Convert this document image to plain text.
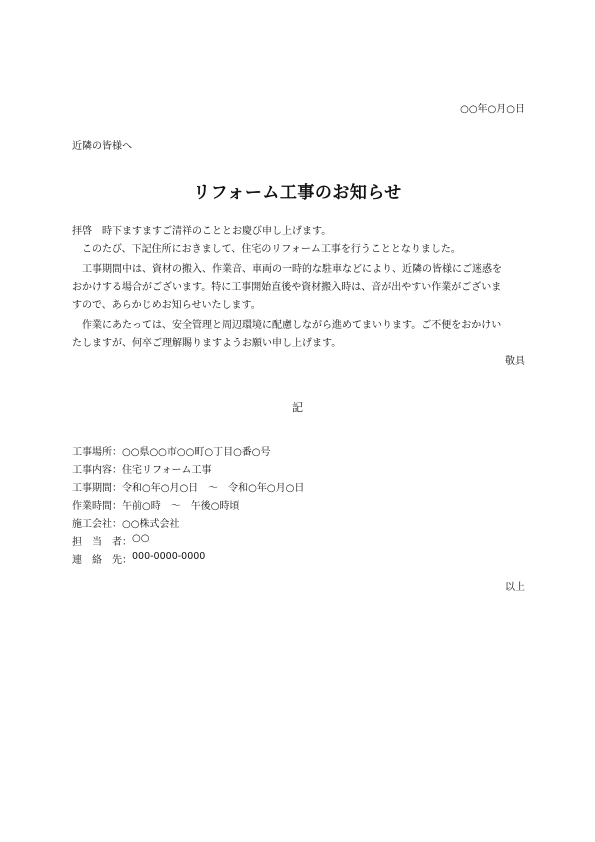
○○年○月○日
近隣の皆様へ
リフォーム工事のお知らせ
拝啓　時下ますますご清祥のこととお慶び申し上げます。
　このたび、下記住所におきまして、住宅のリフォーム工事を行うこととなりました。
　工事期間中は、資材の搬入、作業音、車両の一時的な駐車などにより、近隣の皆様にご迷惑を
おかけする場合がございます。特に工事開始直後や資材搬入時は、音が出やすい作業がございま
すので、あらかじめお知らせいたします。
　作業にあたっては、安全管理と周辺環境に配慮しながら進めてまいります。ご不便をおかけい
たしますが、何卒ご理解賜りますようお願い申し上げます。
敬具
記
工事場所： ○○県○○市○○町○丁目○番○号
工事内容： 住宅リフォーム工事
工事期間： 令和○年○月○日　～　令和○年○月○日
作業時間： 午前○時　～　午後○時頃
施工会社： ○○株式会社
担　当　者： ○○
連　絡　先： 000-0000-0000
以上
